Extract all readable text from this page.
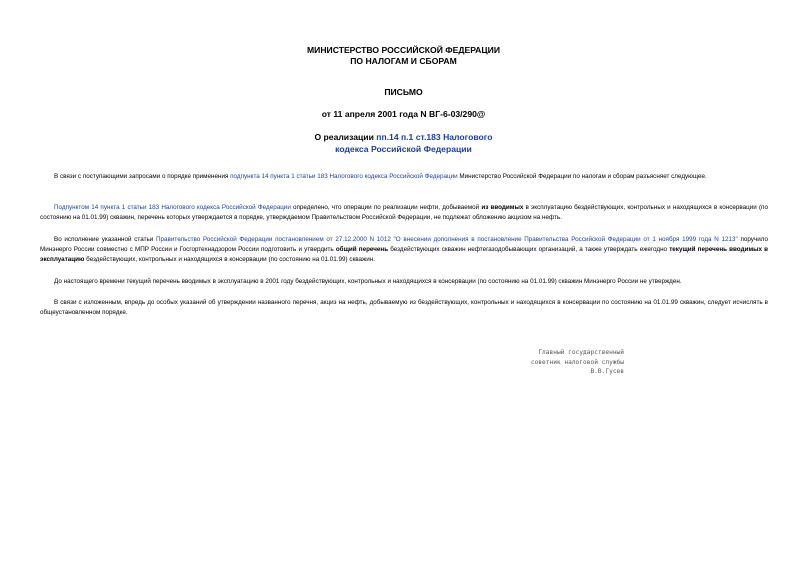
МИНИСТЕРСТВО РОССИЙСКОЙ ФЕДЕРАЦИИ
ПО НАЛОГАМ И СБОРАМ
ПИСЬМО
от 11 апреля 2001 года N ВГ-6-03/290@
О реализации пп.14 п.1 ст.183 Налогового
кодекса Российской Федерации

В связи с поступающими запросами о порядке применения подпункта 14 пункта 1 статьи 183 Налогового кодекса Российской Федерации Министерство Российской Федерации по налогам и сборам разъясняет следующее.

Подпунктом 14 пункта 1 статьи 183 Налогового кодекса Российской Федерации определено, что операции по реализации нефти, добываемой из вводимых в эксплуатацию бездействующих, контрольных и находящихся в консервации (по состоянию на 01.01.99) скважин, перечень которых утверждается в порядке, утверждаемом Правительством Российской Федерации, не подлежат обложению акцизом на нефть.

Во исполнение указанной статьи Правительство Российской Федерации постановлением от 27.12.2000 N 1012 "О внесении дополнения в постановление Правительства Российской Федерации от 1 ноября 1999 года N 1213" поручило Минэнерго России совместно с МПР России и Госгортехнадзором России подготовить и утвердить общий перечень бездействующих скважин нефтегазодобывающих организаций, а также утверждать ежегодно текущий перечень вводимых в эксплуатацию бездействующих, контрольных и находящихся в консервации (по состоянию на 01.01.99) скважин.

До настоящего времени текущий перечень вводимых в эксплуатацию в 2001 году бездействующих, контрольных и находящихся в консервации (по состоянию на 01.01.99) скважин Минэнерго России не утвержден.

В связи с изложенным, впредь до особых указаний об утверждении названного перечня, акциз на нефть, добываемую из бездействующих, контрольных и находящихся в консервации по состоянию на 01.01.99 скважин, следует исчислять в общеустановленном порядке.

Главный государственный
советник налоговой службы
В.В.Гусев
